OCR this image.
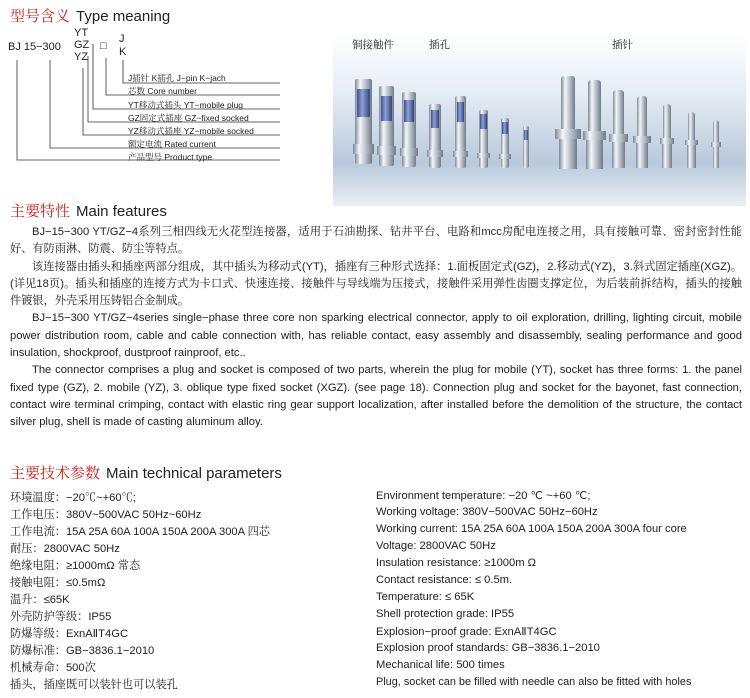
型号含义 Type meaning
BJ 15−300
YT
GZ
YZ
□
J
K
J插针 K插孔 J−pin K−jach
芯数 Core number
YT移动式插头 YT−mobile plug
GZ固定式插座 GZ−fixed socked
YZ移动式插座 YZ−mobile socked
额定电流 Rated current
产品型号 Product type
铜接触件	插孔	插针
主要特性 Main features

BJ−15−300 YT/GZ−4系列三相四线无火花型连接器，适用于石油勘探、钻井平台、电路和mcc房配电连接之用，具有接触可靠、密封密封性能好、有防雨淋、防震、防尘等特点。

该连接器由插头和插座两部分组成，其中插头为移动式(YT)，插座有三种形式选择：1.面板固定式(GZ)，2.移动式(YZ)，3.斜式固定插座(XGZ)。(详见18页)。插头和插座的连接方式为卡口式、快速连接、接触件与导线端为压接式，接触件采用弹性齿圈支撑定位，为后装前拆结构，插头的接触件镀银，外壳采用压铸铝合金制成。

BJ−15−300 YT/GZ−4series single−phase three core non sparking electrical connector, apply to oil exploration, drilling, lighting circuit, mobile power distribution room, cable and cable connection with, has reliable contact, easy assembly and disassembly, sealing performance and good insulation, shockproof, dustproof rainproof, etc..

The connector comprises a plug and socket is composed of two parts, wherein the plug for mobile (YT), socket has three forms: 1. the panel fixed type (GZ), 2. mobile (YZ), 3. oblique type fixed socket (XGZ). (see page 18). Connection plug and socket for the bayonet, fast connection, contact wire terminal crimping, contact with elastic ring gear support localization, after installed before the demolition of the structure, the contact silver plug, shell is made of casting aluminum alloy.

主要技术参数 Main technical parameters
环境温度：−20℃~+60℃;
工作电压：380V~500VAC 50Hz~60Hz
工作电流：15A 25A 60A 100A 150A 200A 300A 四芯
耐压：2800VAC 50Hz
绝缘电阻：≥1000mΩ 常态
接触电阻：≤0.5mΩ
温升：≤65K
外壳防护等级：IP55
防爆等级：ExnAⅡT4GC
防爆标准：GB−3836.1−2010
机械寿命：500次
插头，插座既可以装针也可以装孔
Environment temperature: −20 ℃ ~+60 ℃;
Working voltage: 380V−500VAC 50Hz−60Hz
Working current: 15A 25A 60A 100A 150A 200A 300A four core
Voltage: 2800VAC 50Hz
Insulation resistance: ≥1000m Ω
Contact resistance: ≤ 0.5m.
Temperature: ≤ 65K
Shell protection grade: IP55
Explosion−proof grade: ExnAⅡT4GC
Explosion proof standards: GB−3836.1−2010
Mechanical life: 500 times
Plug, socket can be filled with needle can also be fitted with holes
